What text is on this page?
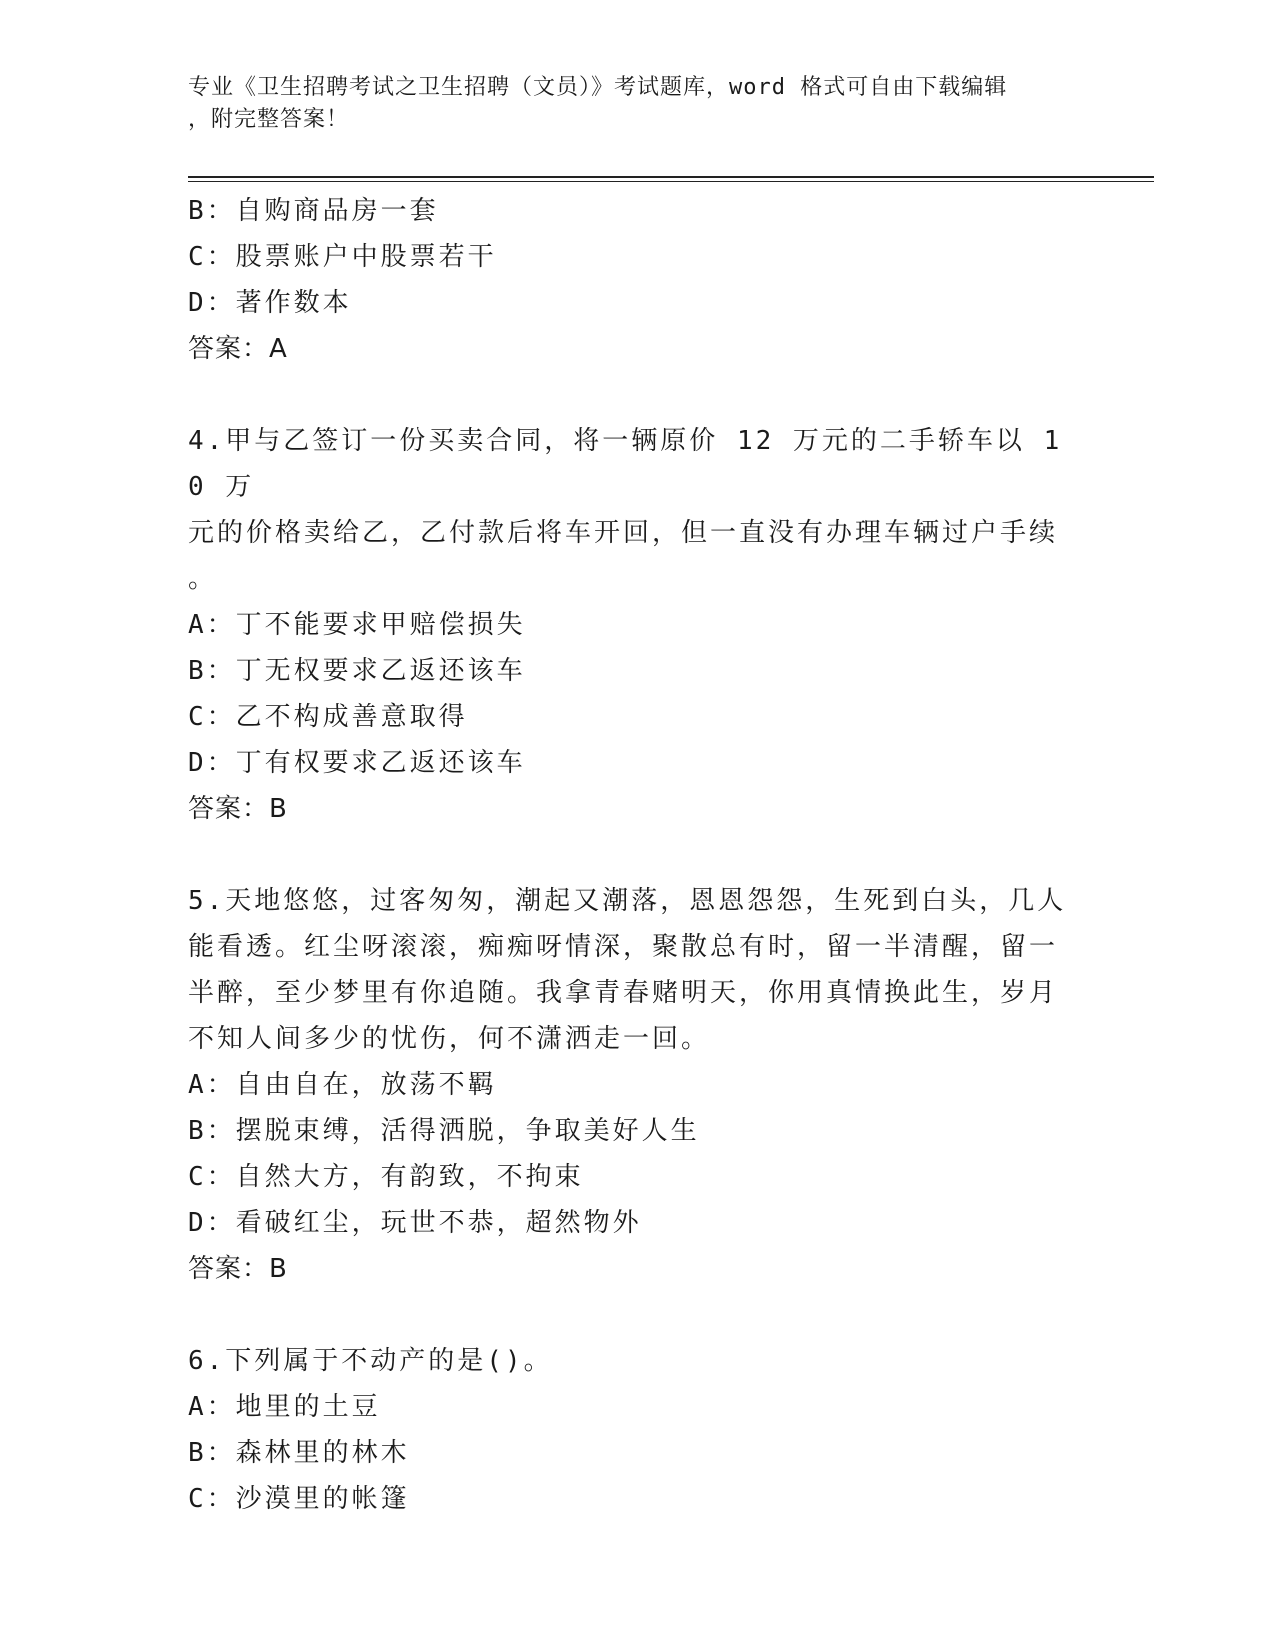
专业《卫生招聘考试之卫生招聘（文员）》考试题库，word 格式可自由下载编辑
，附完整答案！
B：自购商品房一套
C：股票账户中股票若干
D：著作数本
答案：A
4.甲与乙签订一份买卖合同，将一辆原价 12 万元的二手轿车以 10 万
元的价格卖给乙，乙付款后将车开回，但一直没有办理车辆过户手续
。
A：丁不能要求甲赔偿损失
B：丁无权要求乙返还该车
C：乙不构成善意取得
D：丁有权要求乙返还该车
答案：B
5.天地悠悠，过客匆匆，潮起又潮落，恩恩怨怨，生死到白头，几人
能看透。红尘呀滚滚，痴痴呀情深，聚散总有时，留一半清醒，留一
半醉，至少梦里有你追随。我拿青春赌明天，你用真情换此生，岁月
不知人间多少的忧伤，何不潇洒走一回。
A：自由自在，放荡不羁
B：摆脱束缚，活得洒脱，争取美好人生
C：自然大方，有韵致，不拘束
D：看破红尘，玩世不恭，超然物外
答案：B
6.下列属于不动产的是()。
A：地里的土豆
B：森林里的林木
C：沙漠里的帐篷
